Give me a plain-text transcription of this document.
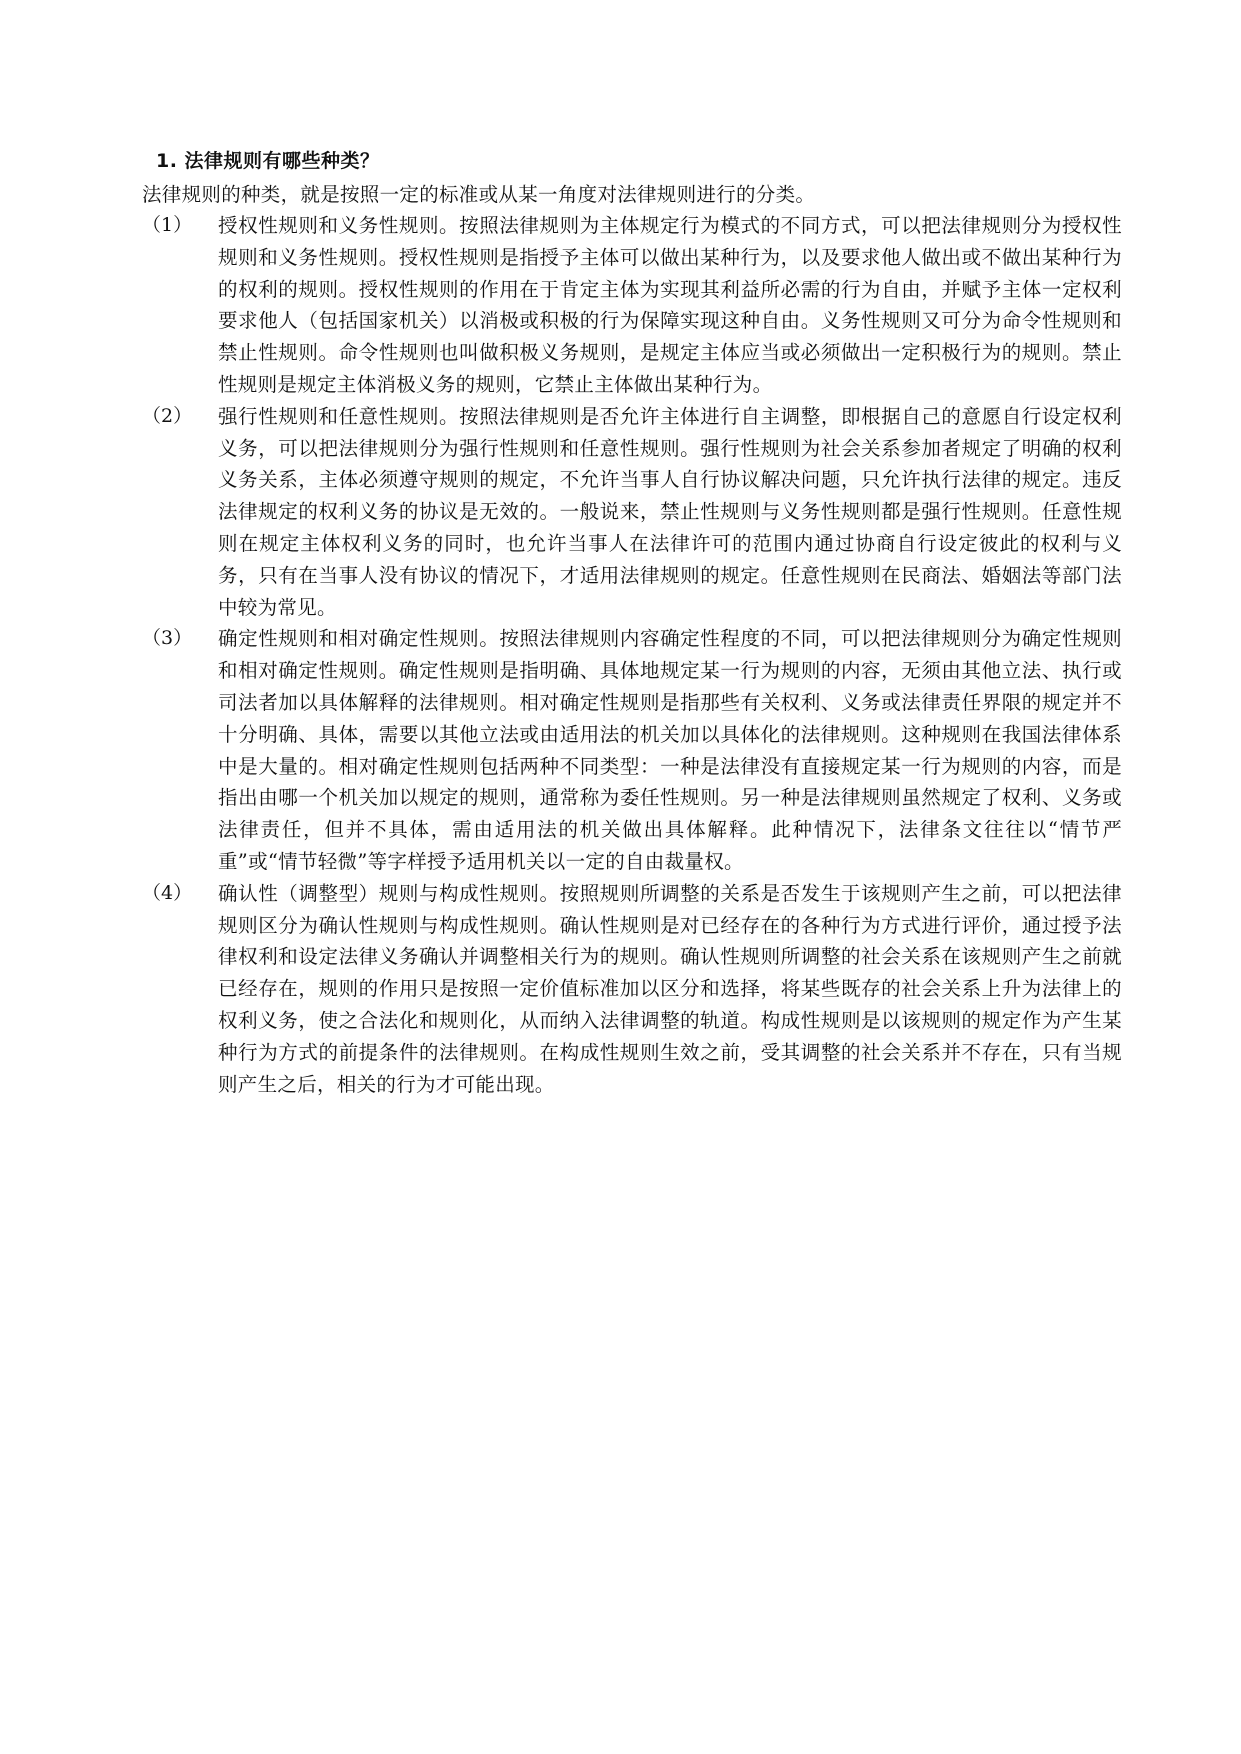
1. 法律规则有哪些种类？

法律规则的种类，就是按照一定的标准或从某一角度对法律规则进行的分类。

（1）	授权性规则和义务性规则。按照法律规则为主体规定行为模式的不同方式，可以把法律规则分为授权性规则和义务性规则。授权性规则是指授予主体可以做出某种行为，以及要求他人做出或不做出某种行为的权利的规则。授权性规则的作用在于肯定主体为实现其利益所必需的行为自由，并赋予主体一定权利要求他人（包括国家机关）以消极或积极的行为保障实现这种自由。义务性规则又可分为命令性规则和禁止性规则。命令性规则也叫做积极义务规则，是规定主体应当或必须做出一定积极行为的规则。禁止性规则是规定主体消极义务的规则，它禁止主体做出某种行为。
（2）	强行性规则和任意性规则。按照法律规则是否允许主体进行自主调整，即根据自己的意愿自行设定权利义务，可以把法律规则分为强行性规则和任意性规则。强行性规则为社会关系参加者规定了明确的权利义务关系，主体必须遵守规则的规定，不允许当事人自行协议解决问题，只允许执行法律的规定。违反法律规定的权利义务的协议是无效的。一般说来，禁止性规则与义务性规则都是强行性规则。任意性规则在规定主体权利义务的同时，也允许当事人在法律许可的范围内通过协商自行设定彼此的权利与义务，只有在当事人没有协议的情况下，才适用法律规则的规定。任意性规则在民商法、婚姻法等部门法中较为常见。
（3）	确定性规则和相对确定性规则。按照法律规则内容确定性程度的不同，可以把法律规则分为确定性规则和相对确定性规则。确定性规则是指明确、具体地规定某一行为规则的内容，无须由其他立法、执行或司法者加以具体解释的法律规则。相对确定性规则是指那些有关权利、义务或法律责任界限的规定并不十分明确、具体，需要以其他立法或由适用法的机关加以具体化的法律规则。这种规则在我国法律体系中是大量的。相对确定性规则包括两种不同类型：一种是法律没有直接规定某一行为规则的内容，而是指出由哪一个机关加以规定的规则，通常称为委任性规则。另一种是法律规则虽然规定了权利、义务或法律责任，但并不具体，需由适用法的机关做出具体解释。此种情况下，法律条文往往以“情节严重”或“情节轻微”等字样授予适用机关以一定的自由裁量权。
（4）	确认性（调整型）规则与构成性规则。按照规则所调整的关系是否发生于该规则产生之前，可以把法律规则区分为确认性规则与构成性规则。确认性规则是对已经存在的各种行为方式进行评价，通过授予法律权利和设定法律义务确认并调整相关行为的规则。确认性规则所调整的社会关系在该规则产生之前就已经存在，规则的作用只是按照一定价值标准加以区分和选择，将某些既存的社会关系上升为法律上的权利义务，使之合法化和规则化，从而纳入法律调整的轨道。构成性规则是以该规则的规定作为产生某种行为方式的前提条件的法律规则。在构成性规则生效之前，受其调整的社会关系并不存在，只有当规则产生之后，相关的行为才可能出现。
